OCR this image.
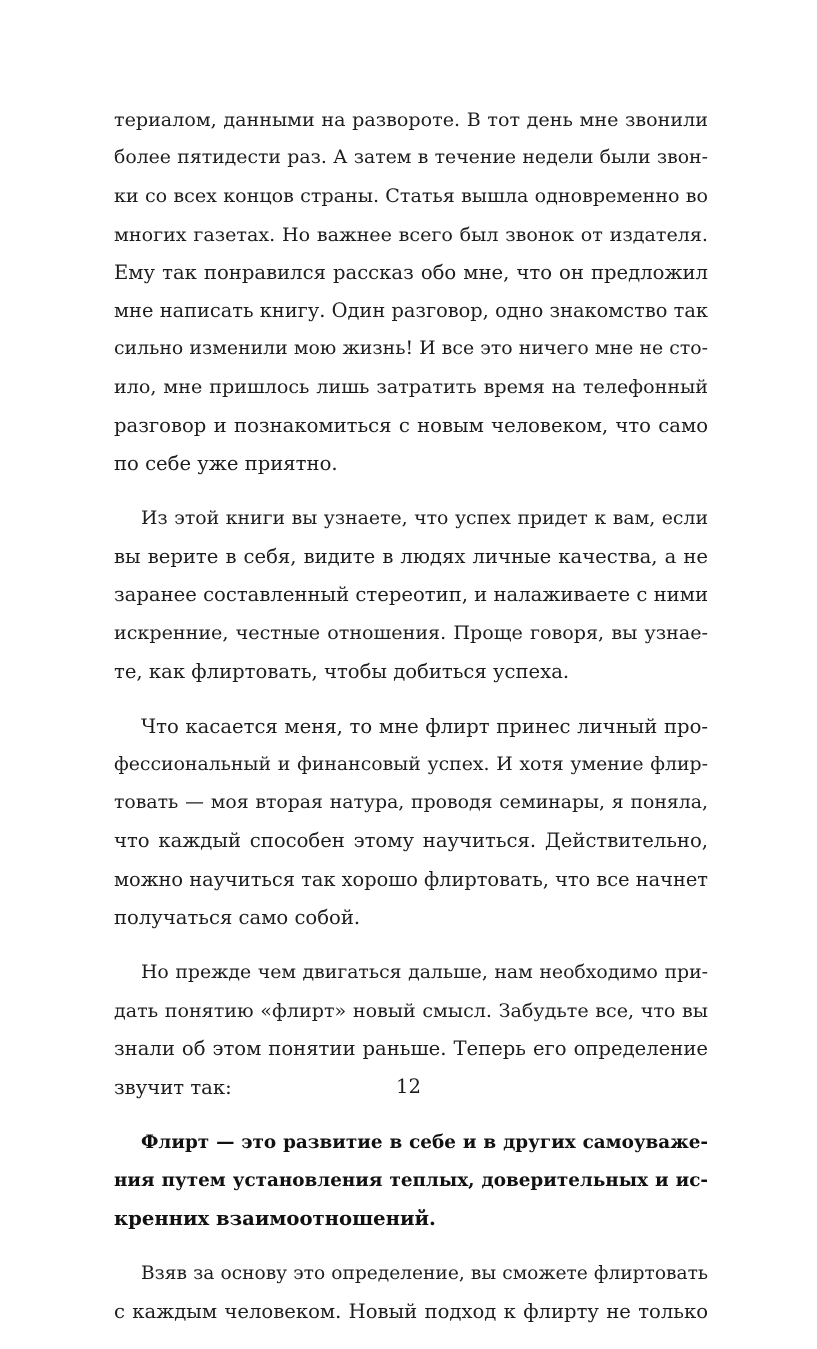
териалом, данными на развороте. В тот день мне звонили
более пятидести раз. А затем в течение недели были звон-
ки со всех концов страны. Статья вышла одновременно во
многих газетах. Но важнее всего был звонок от издателя.
Ему так понравился рассказ обо мне, что он предложил
мне написать книгу. Один разговор, одно знакомство так
сильно изменили мою жизнь! И все это ничего мне не сто-
ило, мне пришлось лишь затратить время на телефонный
разговор и познакомиться с новым человеком, что само
по себе уже приятно.
Из этой книги вы узнаете, что успех придет к вам, если
вы верите в себя, видите в людях личные качества, а не
заранее составленный стереотип, и налаживаете с ними
искренние, честные отношения. Проще говоря, вы узнае-
те, как флиртовать, чтобы добиться успеха.
Что касается меня, то мне флирт принес личный про-
фессиональный и финансовый успех. И хотя умение флир-
товать — моя вторая натура, проводя семинары, я поняла,
что каждый способен этому научиться. Действительно,
можно научиться так хорошо флиртовать, что все начнет
получаться само собой.
Но прежде чем двигаться дальше, нам необходимо при-
дать понятию «флирт» новый смысл. Забудьте все, что вы
знали об этом понятии раньше. Теперь его определение
звучит так:
Флирт — это развитие в себе и в других самоуваже-
ния путем установления теплых, доверительных и ис-
кренних взаимоотношений.
Взяв за основу это определение, вы сможете флиртовать
с каждым человеком. Новый подход к флирту не только
12
